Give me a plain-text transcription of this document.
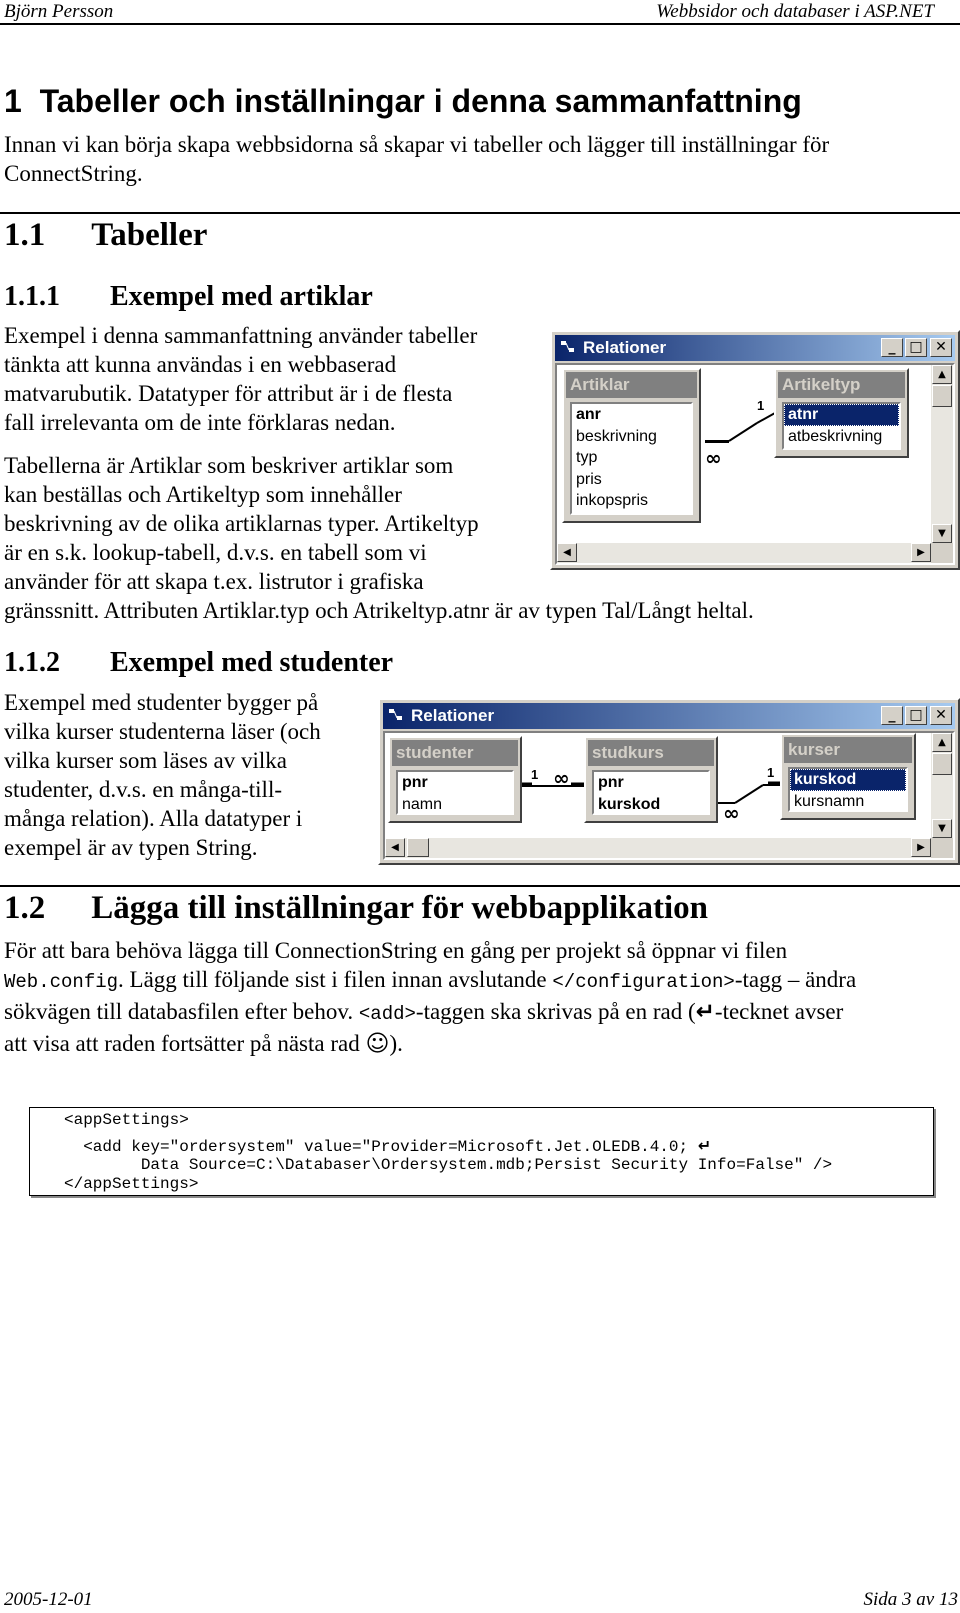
Björn Persson	Webbsidor och databaser i ASP.NET
1 Tabeller och inställningar i denna sammanfattning

Innan vi kan börja skapa webbsidorna så skapar vi tabeller och lägger till inställningar för
ConnectString.

1.1 Tabeller
1.1.1 Exempel med artiklar

Exempel i denna sammanfattning använder tabeller
tänkta att kunna användas i en webbaserad
matvarubutik. Datatyper för attribut är i de flesta
fall irrelevanta om de inte förklaras nedan.

Tabellerna är Artiklar som beskriver artiklar som
kan beställas och Artikeltyp som innehåller
beskrivning av de olika artiklarnas typer. Artikeltyp
är en s.k. lookup-tabell, d.v.s. en tabell som vi
använder för att skapa t.ex. listrutor i grafiska
gränssnitt. Attributen Artiklar.typ och Atrikeltyp.atnr är av typen Tal/Långt heltal.

Relationer	_ □ ✕
1
∞
Artiklar
anr
beskrivning
typ
pris
inkopspris
Artikeltyp
atnr
atbeskrivning
▲
▼
◀	▶
1.1.2 Exempel med studenter

Exempel med studenter bygger på
vilka kurser studenterna läser (och
vilka kurser som läses av vilka
studenter, d.v.s. en många-till-
många relation). Alla datatyper i
exempel är av typen String.

Relationer	_ □ ✕
1 ∞	1
∞
studenter
pnr
namn
studkurs
pnr
kurskod
kurser
kurskod
kursnamn
▲
▼
◀	▶
1.2 Lägga till inställningar för webbapplikation

För att bara behöva lägga till ConnectionString en gång per projekt så öppnar vi filen
Web.config. Lägg till följande sist i filen innan avslutande </configuration>-tagg – ändra
sökvägen till databasfilen efter behov. <add>-taggen ska skrivas på en rad (↵-tecknet avser
att visa att raden fortsätter på nästa rad ☺).

<appSettings>
<add key="ordersystem" value="Provider=Microsoft.Jet.OLEDB.4.0; ↵
Data Source=C:\Databaser\Ordersystem.mdb;Persist Security Info=False" />
</appSettings>
2005-12-01	Sida 3 av 13
